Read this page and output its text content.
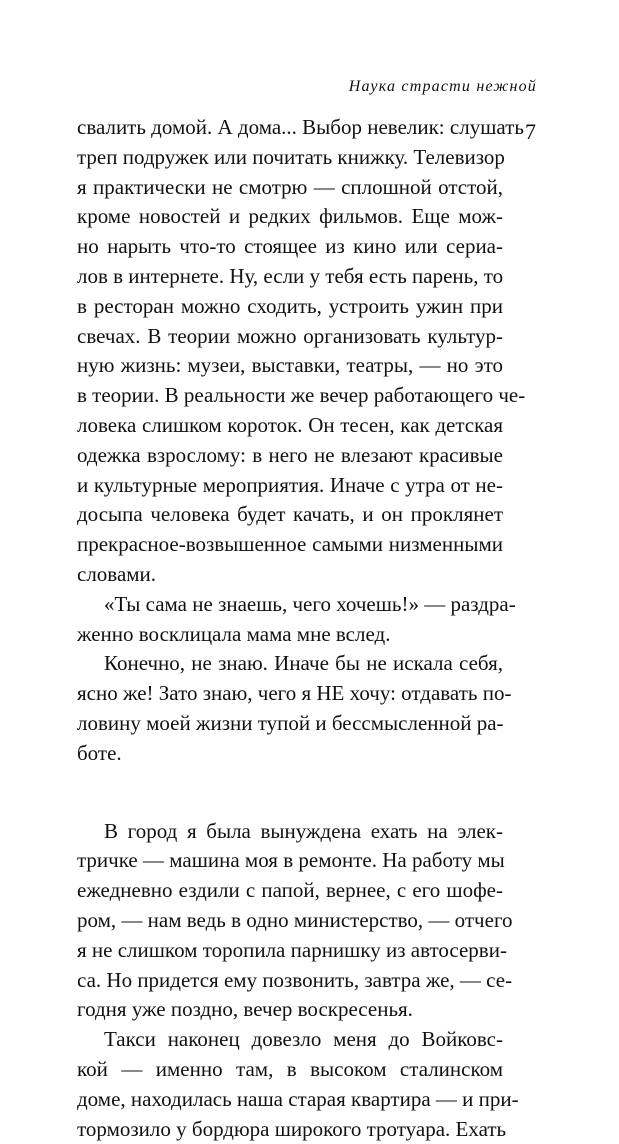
Наука страсти нежной
7
свалить домой. А дома... Выбор невелик: слушать
треп подружек или почитать книжку. Телевизор
я практически не смотрю — сплошной отстой,
кроме новостей и редких фильмов. Еще мож-
но нарыть что-то стоящее из кино или сериа-
лов в интернете. Ну, если у тебя есть парень, то
в ресторан можно сходить, устроить ужин при
свечах. В теории можно организовать культур-
ную жизнь: музеи, выставки, театры, — но это
в теории. В реальности же вечер работающего че-
ловека слишком короток. Он тесен, как детская
одежка взрослому: в него не влезают красивые
и культурные мероприятия. Иначе с утра от не-
досыпа человека будет качать, и он проклянет
прекрасное-возвышенное самыми низменными
словами.
«Ты сама не знаешь, чего хочешь!» — раздра-
женно восклицала мама мне вслед.
Конечно, не знаю. Иначе бы не искала себя,
ясно же! Зато знаю, чего я НЕ хочу: отдавать по-
ловину моей жизни тупой и бессмысленной ра-
боте.
В город я была вынуждена ехать на элек-
тричке — машина моя в ремонте. На работу мы
ежедневно ездили с папой, вернее, с его шофе-
ром, — нам ведь в одно министерство, — отчего
я не слишком торопила парнишку из автосерви-
са. Но придется ему позвонить, завтра же, — се-
годня уже поздно, вечер воскресенья.
Такси наконец довезло меня до Войковс-
кой — именно там, в высоком сталинском
доме, находилась наша старая квартира — и при-
тормозило у бордюра широкого тротуара. Ехать
